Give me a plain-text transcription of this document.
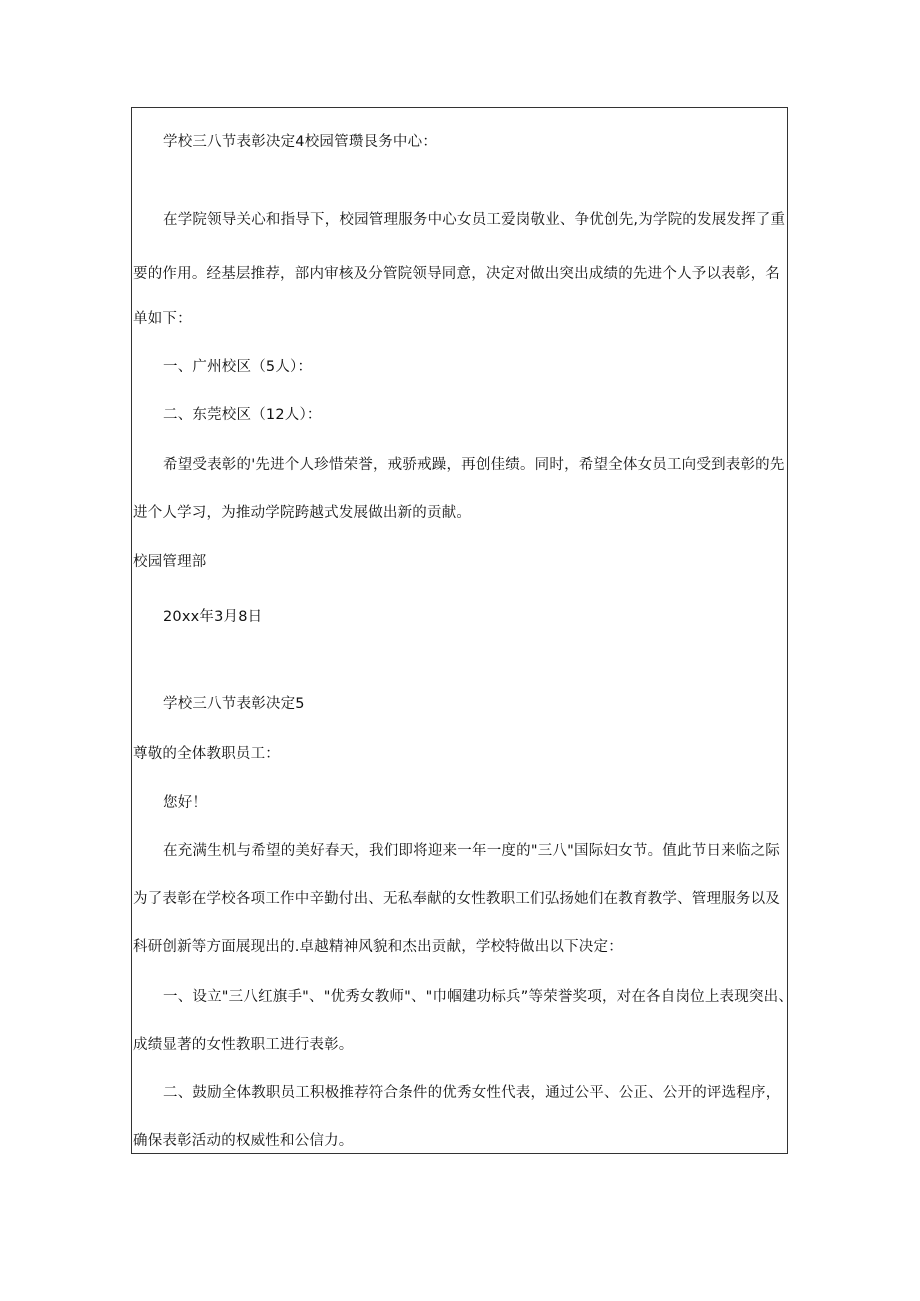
学校三八节表彰决定4校园管瓒艮务中心：
在学院领导关心和指导下，校园管理服务中心女员工爱岗敬业、争优创先,为学院的发展发挥了重
要的作用。经基层推荐，部内审核及分管院领导同意，决定对做出突出成绩的先进个人予以表彰，名
单如下：
一、广州校区（5人）：
二、东莞校区（12人）：
希望受表彰的'先进个人珍惜荣誉，戒骄戒躁，再创佳绩。同时，希望全体女员工向受到表彰的先
进个人学习，为推动学院跨越式发展做出新的贡献。
校园管理部
20xx年3月8日
学校三八节表彰决定5
尊敬的全体教职员工：
您好！
在充满生机与希望的美好春天，我们即将迎来一年一度的"三八"国际妇女节。值此节日来临之际
为了表彰在学校各项工作中辛勤付出、无私奉献的女性教职工们弘扬她们在教育教学、管理服务以及
科研创新等方面展现出的.卓越精神风貌和杰出贡献，学校特做出以下决定：
一、设立"三八红旗手"、"优秀女教师"、"巾帼建功标兵”等荣誉奖项，对在各自岗位上表现突出、
成绩显著的女性教职工进行表彰。
二、鼓励全体教职员工积极推荐符合条件的优秀女性代表，通过公平、公正、公开的评选程序，
确保表彰活动的权威性和公信力。
